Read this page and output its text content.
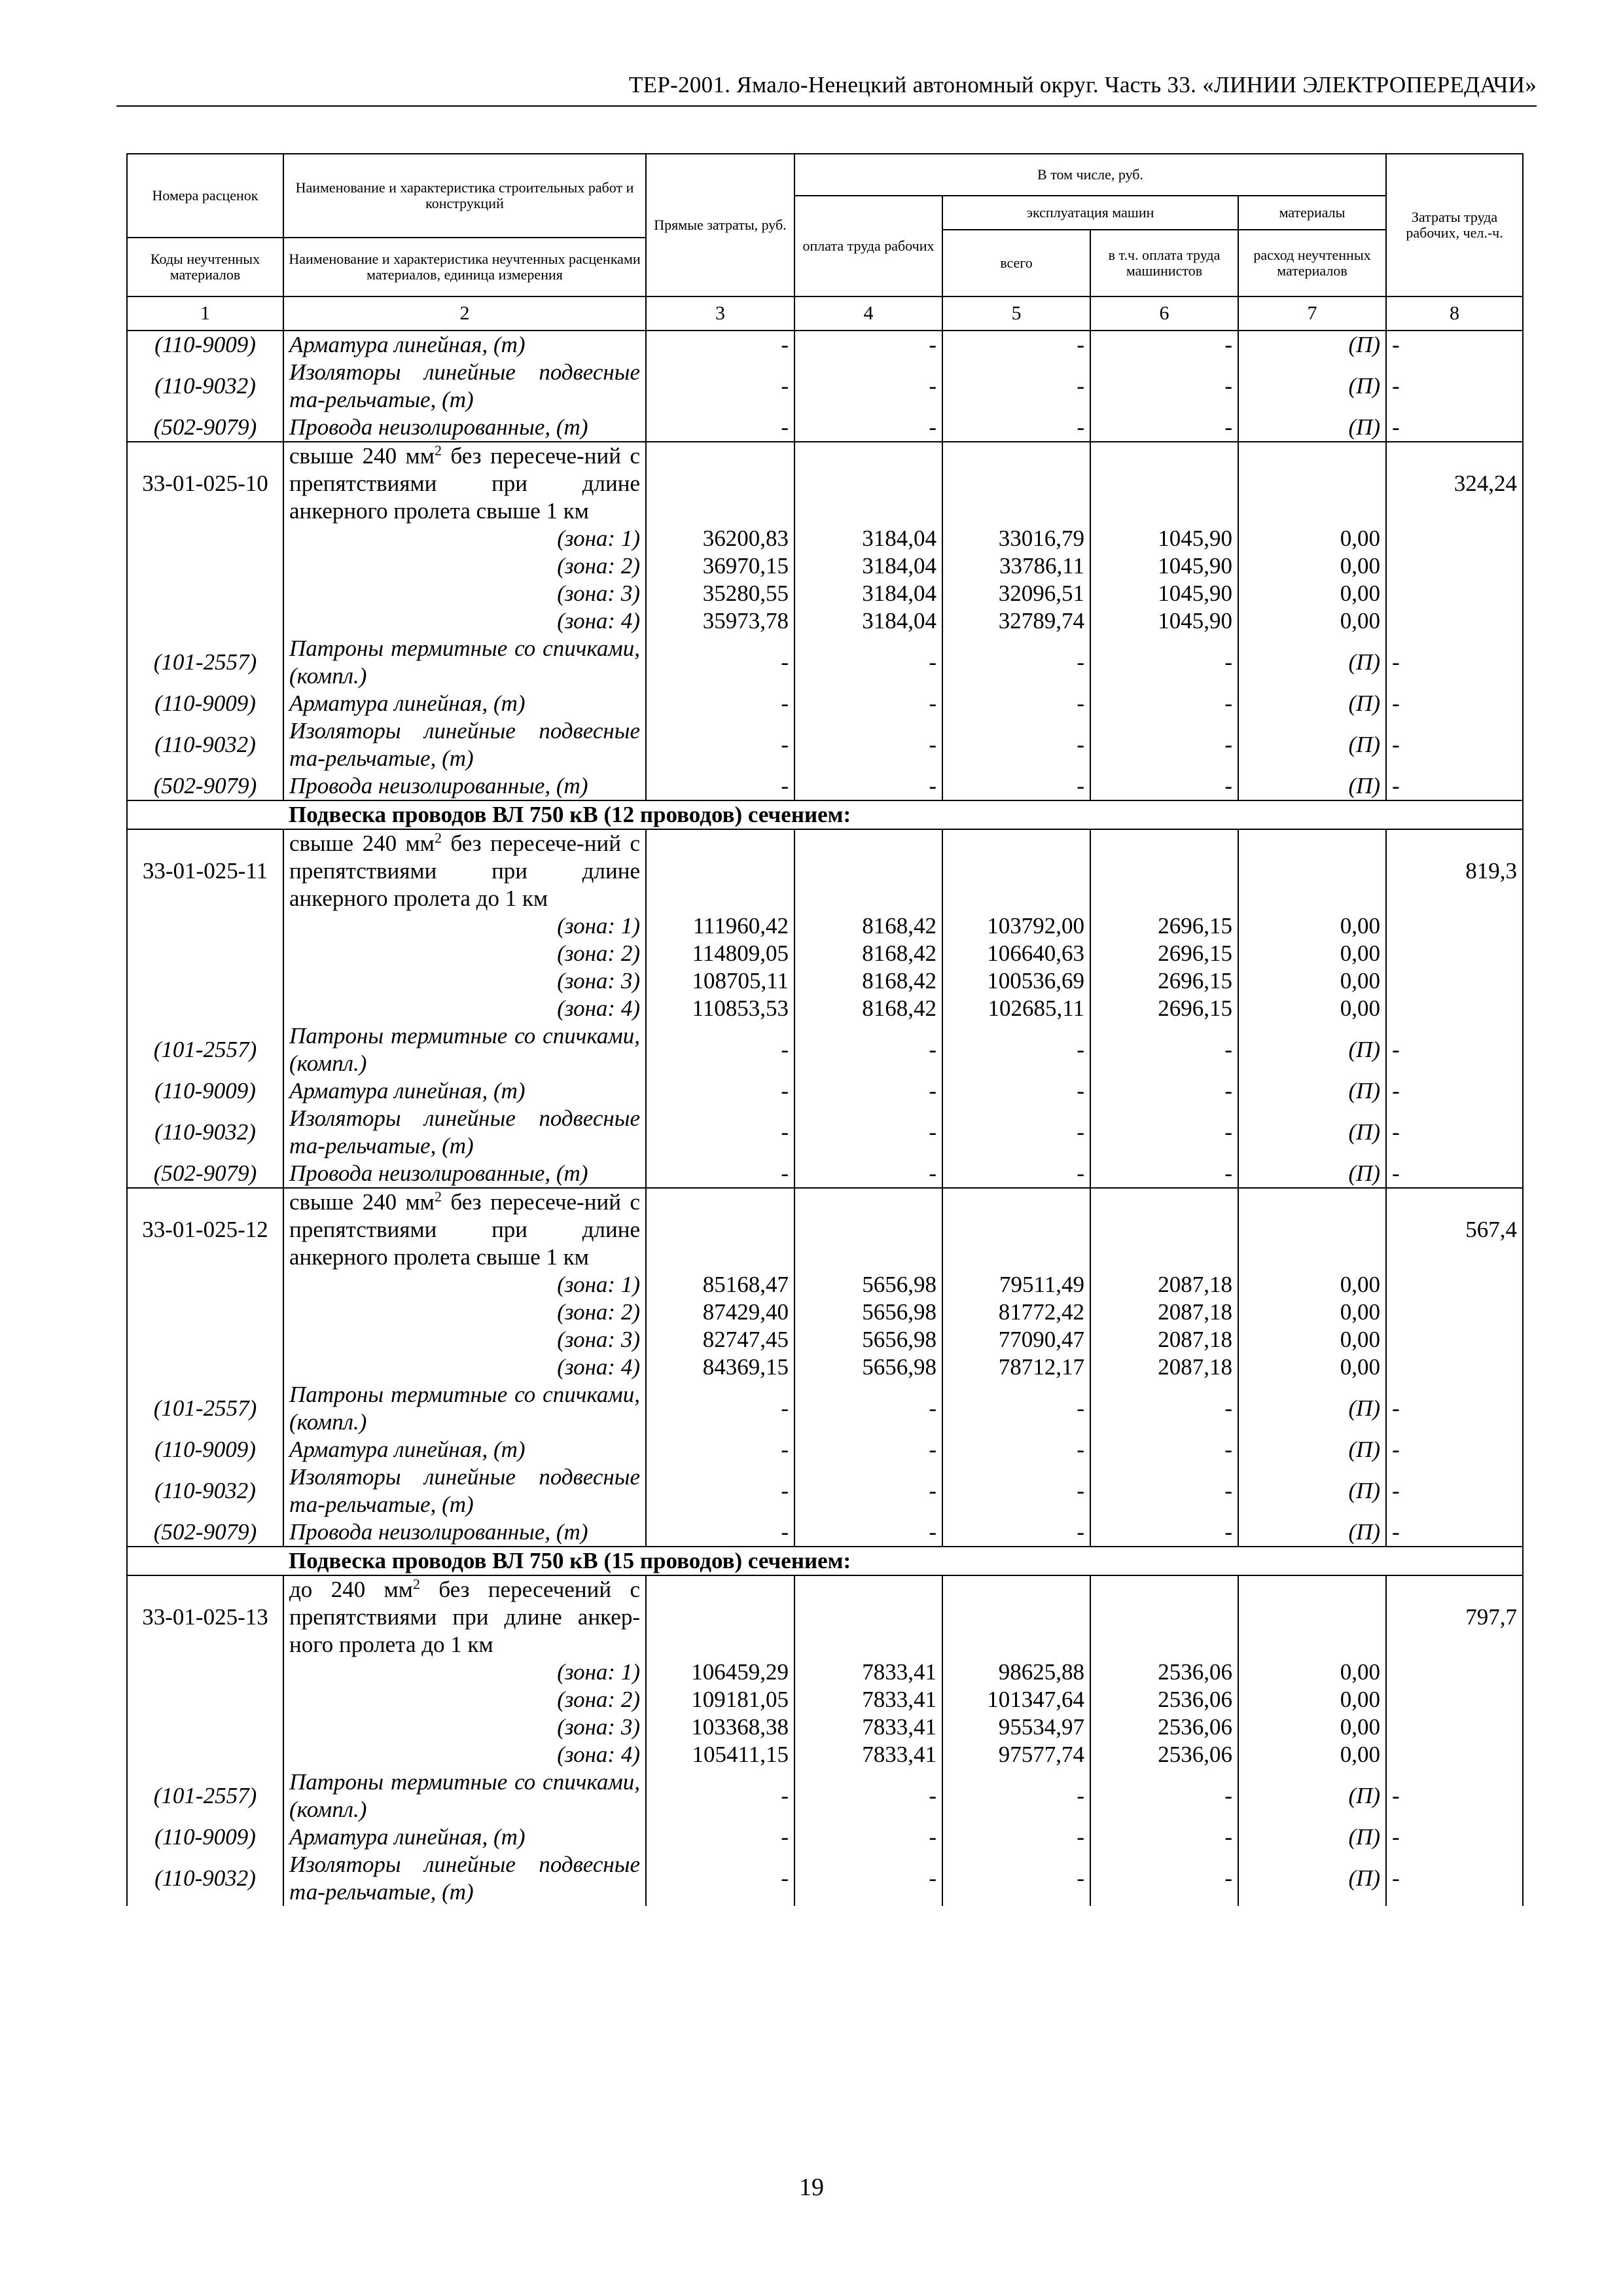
ТЕР-2001. Ямало-Ненецкий автономный округ. Часть 33. «ЛИНИИ ЭЛЕКТРОПЕРЕДАЧИ»
Номера расценок	Наименование и характеристика строительных работ и конструкций	Прямые затраты, руб.	В том числе, руб.				Затраты труда рабочих, чел.-ч.
			оплата труда рабочих	эксплуатация машин		материалы	
				всего	в т.ч. оплата труда машинистов	расход неучтенных материалов	
Коды неучтенных материалов	Наименование и характеристика неучтенных расценками материалов, единица измерения						
1	2	3	4	5	6	7	8
(110-9009)	Арматура линейная, (т)	-	-	-	-	(П)	-
(110-9032)	Изоляторы линейные подвесные та-рельчатые, (т)	-	-	-	-	(П)	-
(502-9079)	Провода неизолированные, (т)	-	-	-	-	(П)	-
33-01-025-10	свыше 240 $мм^2$ без пересече-ний с препятствиями при длине анкерного пролета свыше 1 км						324,24
	(зона: 1)	36200,83	3184,04	33016,79	1045,90	0,00	
	(зона: 2)	36970,15	3184,04	33786,11	1045,90	0,00	
	(зона: 3)	35280,55	3184,04	32096,51	1045,90	0,00	
	(зона: 4)	35973,78	3184,04	32789,74	1045,90	0,00	
(101-2557)	Патроны термитные со спичками, (компл.)	-	-	-	-	(П)	-
(110-9009)	Арматура линейная, (т)	-	-	-	-	(П)	-
(110-9032)	Изоляторы линейные подвесные та-рельчатые, (т)	-	-	-	-	(П)	-
(502-9079)	Провода неизолированные, (т)	-	-	-	-	(П)	-
	Подвеска проводов ВЛ 750 кВ (12 проводов) сечением:						
33-01-025-11	свыше 240 $мм^2$ без пересече-ний с препятствиями при длине анкерного пролета до 1 км						819,3
	(зона: 1)	111960,42	8168,42	103792,00	2696,15	0,00	
	(зона: 2)	114809,05	8168,42	106640,63	2696,15	0,00	
	(зона: 3)	108705,11	8168,42	100536,69	2696,15	0,00	
	(зона: 4)	110853,53	8168,42	102685,11	2696,15	0,00	
(101-2557)	Патроны термитные со спичками, (компл.)	-	-	-	-	(П)	-
(110-9009)	Арматура линейная, (т)	-	-	-	-	(П)	-
(110-9032)	Изоляторы линейные подвесные та-рельчатые, (т)	-	-	-	-	(П)	-
(502-9079)	Провода неизолированные, (т)	-	-	-	-	(П)	-
33-01-025-12	свыше 240 $мм^2$ без пересече-ний с препятствиями при длине анкерного пролета свыше 1 км						567,4
	(зона: 1)	85168,47	5656,98	79511,49	2087,18	0,00	
	(зона: 2)	87429,40	5656,98	81772,42	2087,18	0,00	
	(зона: 3)	82747,45	5656,98	77090,47	2087,18	0,00	
	(зона: 4)	84369,15	5656,98	78712,17	2087,18	0,00	
(101-2557)	Патроны термитные со спичками, (компл.)	-	-	-	-	(П)	-
(110-9009)	Арматура линейная, (т)	-	-	-	-	(П)	-
(110-9032)	Изоляторы линейные подвесные та-рельчатые, (т)	-	-	-	-	(П)	-
(502-9079)	Провода неизолированные, (т)	-	-	-	-	(П)	-
	Подвеска проводов ВЛ 750 кВ (15 проводов) сечением:						
33-01-025-13	до 240 $мм^2$ без пересечений с препятствиями при длине анкер-ного пролета до 1 км						797,7
	(зона: 1)	106459,29	7833,41	98625,88	2536,06	0,00	
	(зона: 2)	109181,05	7833,41	101347,64	2536,06	0,00	
	(зона: 3)	103368,38	7833,41	95534,97	2536,06	0,00	
	(зона: 4)	105411,15	7833,41	97577,74	2536,06	0,00	
(101-2557)	Патроны термитные со спичками, (компл.)	-	-	-	-	(П)	-
(110-9009)	Арматура линейная, (т)	-	-	-	-	(П)	-
(110-9032)	Изоляторы линейные подвесные та-рельчатые, (т)	-	-	-	-	(П)	-

19
